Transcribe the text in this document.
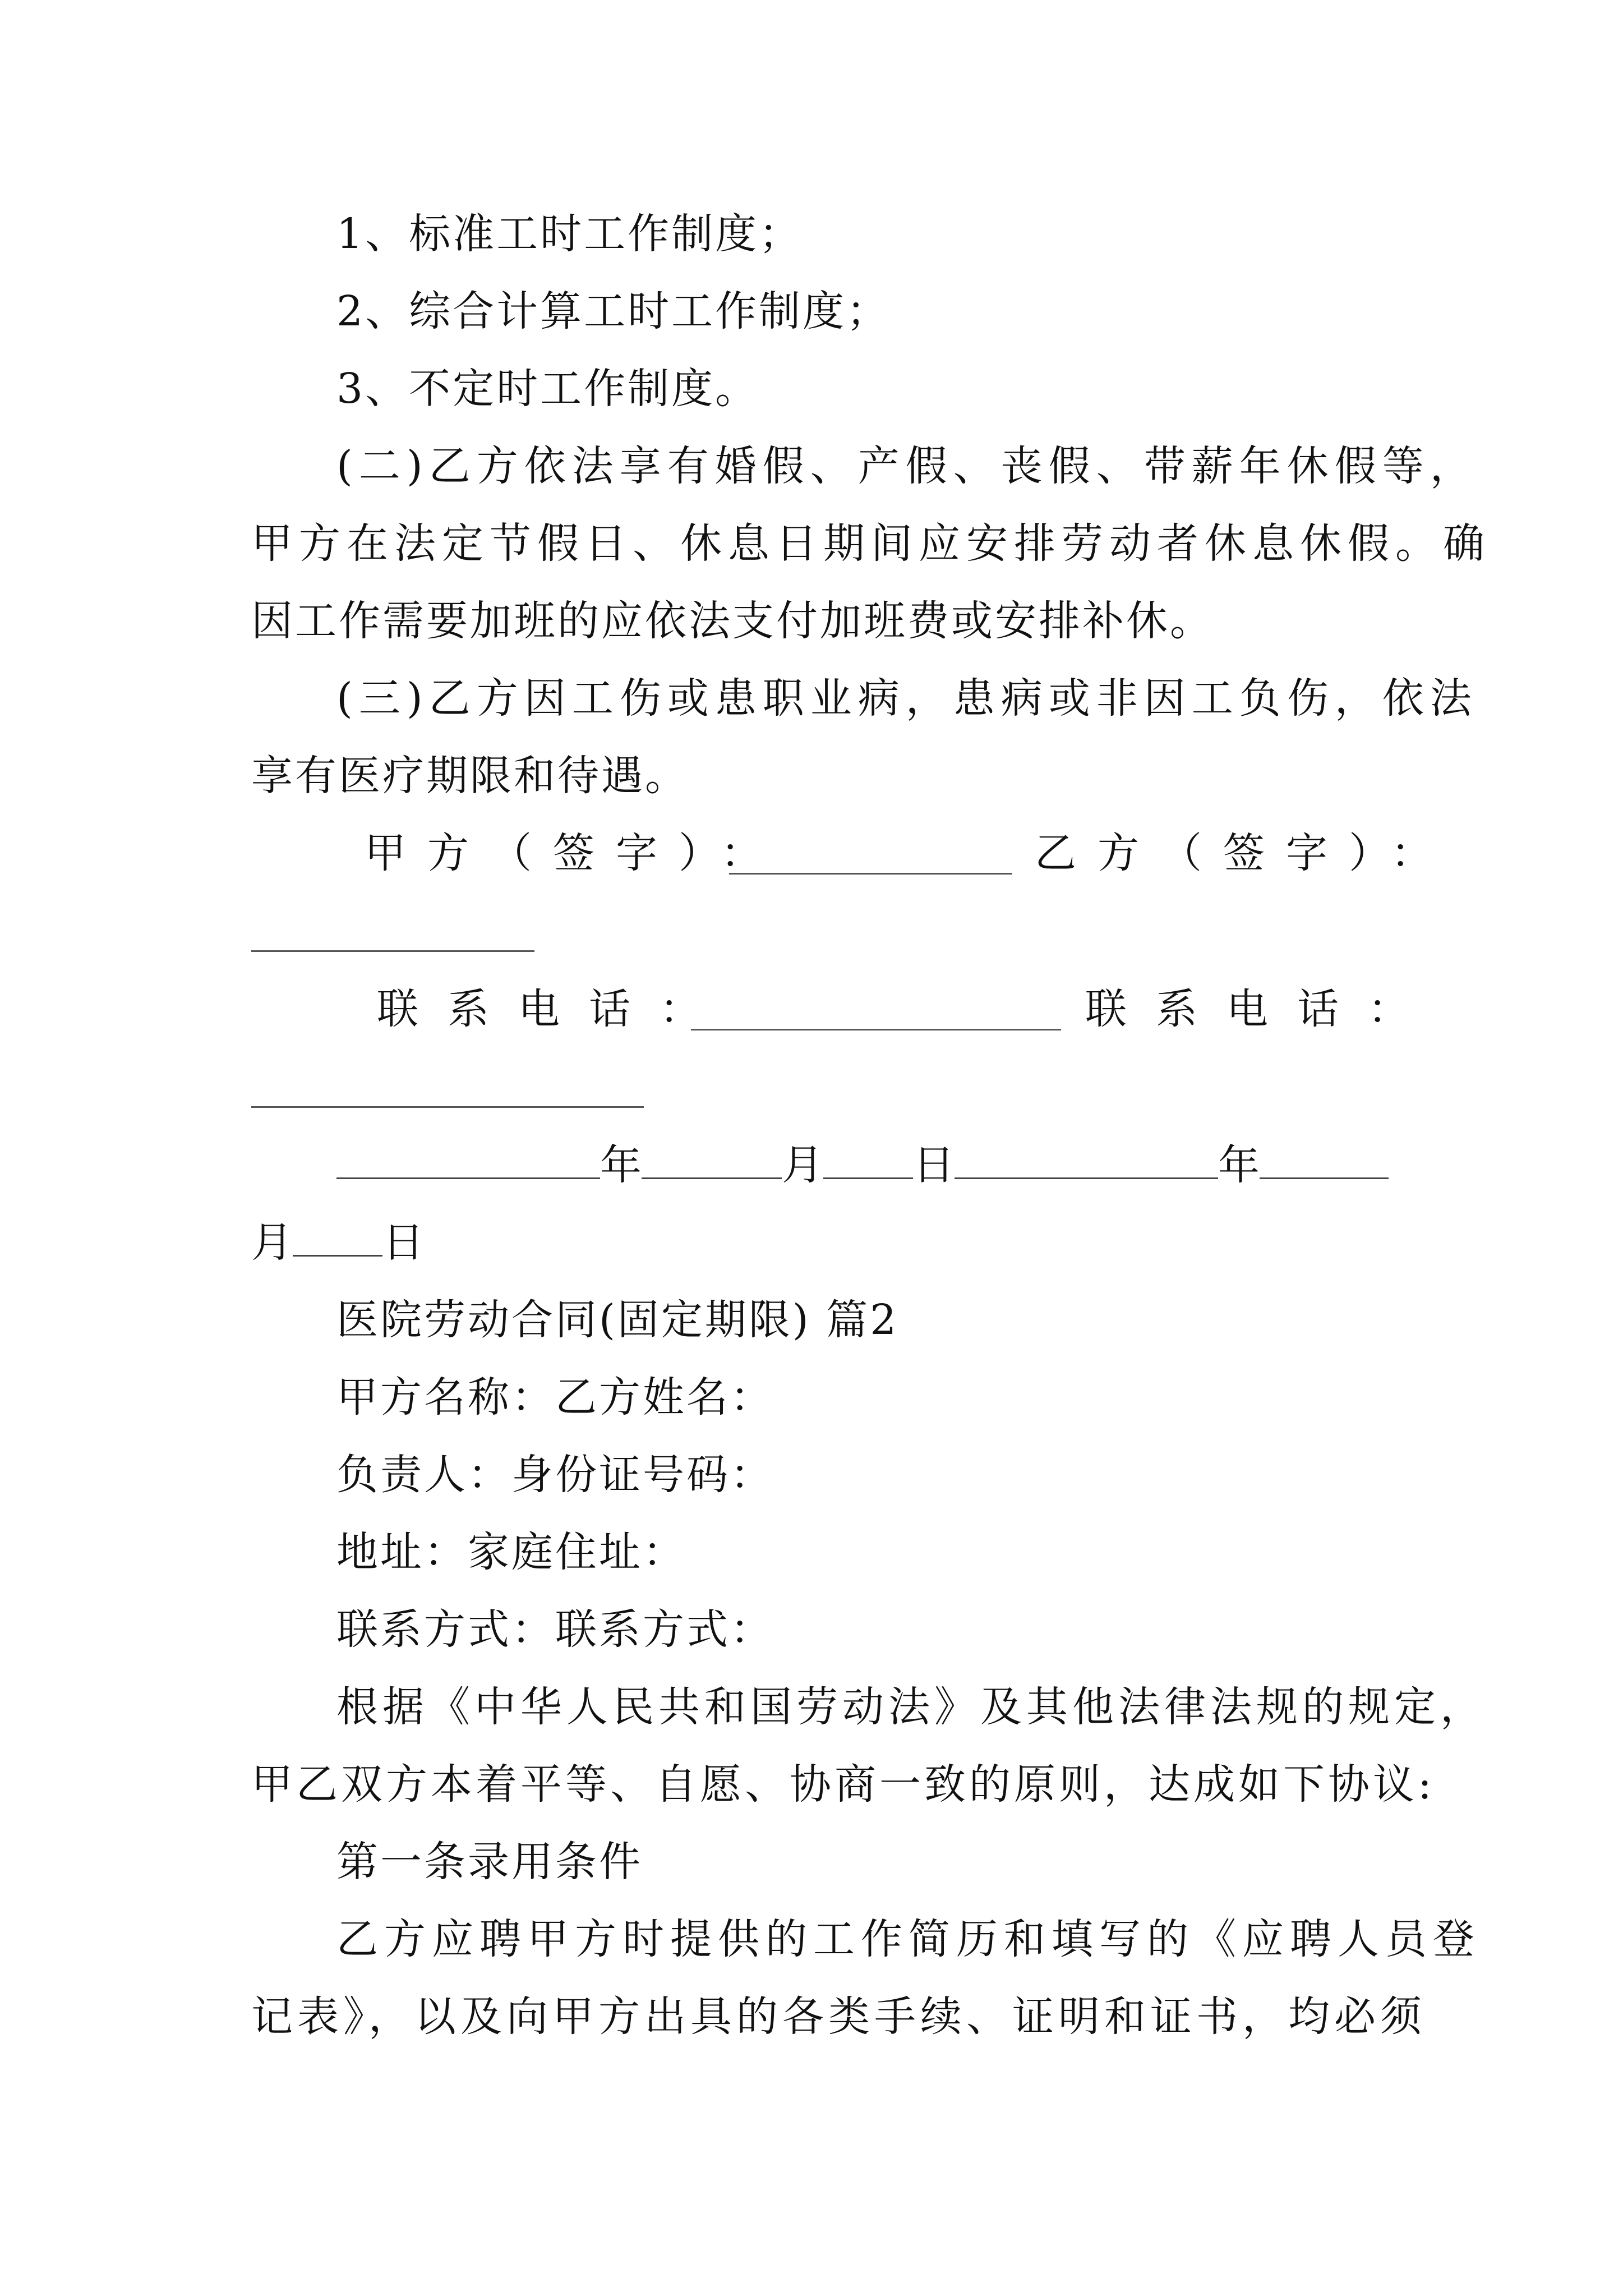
1、标准工时工作制度；
2、综合计算工时工作制度；
3、不定时工作制度。
(二)乙方依法享有婚假、产假、丧假、带薪年休假等，
甲方在法定节假日、休息日期间应安排劳动者休息休假。确
因工作需要加班的应依法支付加班费或安排补休。
(三)乙方因工伤或患职业病，患病或非因工负伤，依法
享有医疗期限和待遇。
甲方（签字）：	乙方（签字）：
联系电话：	联系电话：
年	月 日	年
月 日
医院劳动合同(固定期限) 篇2
甲方名称：乙方姓名：
负责人：身份证号码：
地址：家庭住址：
联系方式：联系方式：
根据《中华人民共和国劳动法》及其他法律法规的规定，
甲乙双方本着平等、自愿、协商一致的原则，达成如下协议:
第一条录用条件
乙方应聘甲方时提供的工作简历和填写的《应聘人员登
记表》，以及向甲方出具的各类手续、证明和证书，均必须
